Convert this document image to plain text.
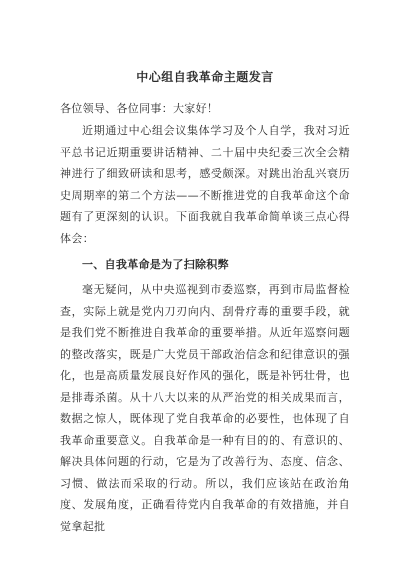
中心组自我革命主题发言

各位领导、各位同事：大家好！

近期通过中心组会议集体学习及个人自学，我对习近平总书记近期重要讲话精神、二十届中央纪委三次全会精神进行了细致研读和思考，感受颇深。对跳出治乱兴衰历史周期率的第二个方法——不断推进党的自我革命这个命题有了更深刻的认识。下面我就自我革命简单谈三点心得体会：

一、自我革命是为了扫除积弊

毫无疑问，从中央巡视到市委巡察，再到市局监督检查，实际上就是党内刀刃向内、刮骨疗毒的重要手段，就是我们党不断推进自我革命的重要举措。从近年巡察问题的整改落实，既是广大党员干部政治信念和纪律意识的强化，也是高质量发展良好作风的强化，既是补钙壮骨，也是排毒杀菌。从十八大以来的从严治党的相关成果而言，数据之惊人，既体现了党自我革命的必要性，也体现了自我革命重要意义。自我革命是一种有目的的、有意识的、解决具体问题的行动，它是为了改善行为、态度、信念、习惯、做法而采取的行动。所以，我们应该站在政治角度、发展角度，正确看待党内自我革命的有效措施，并自觉拿起批
